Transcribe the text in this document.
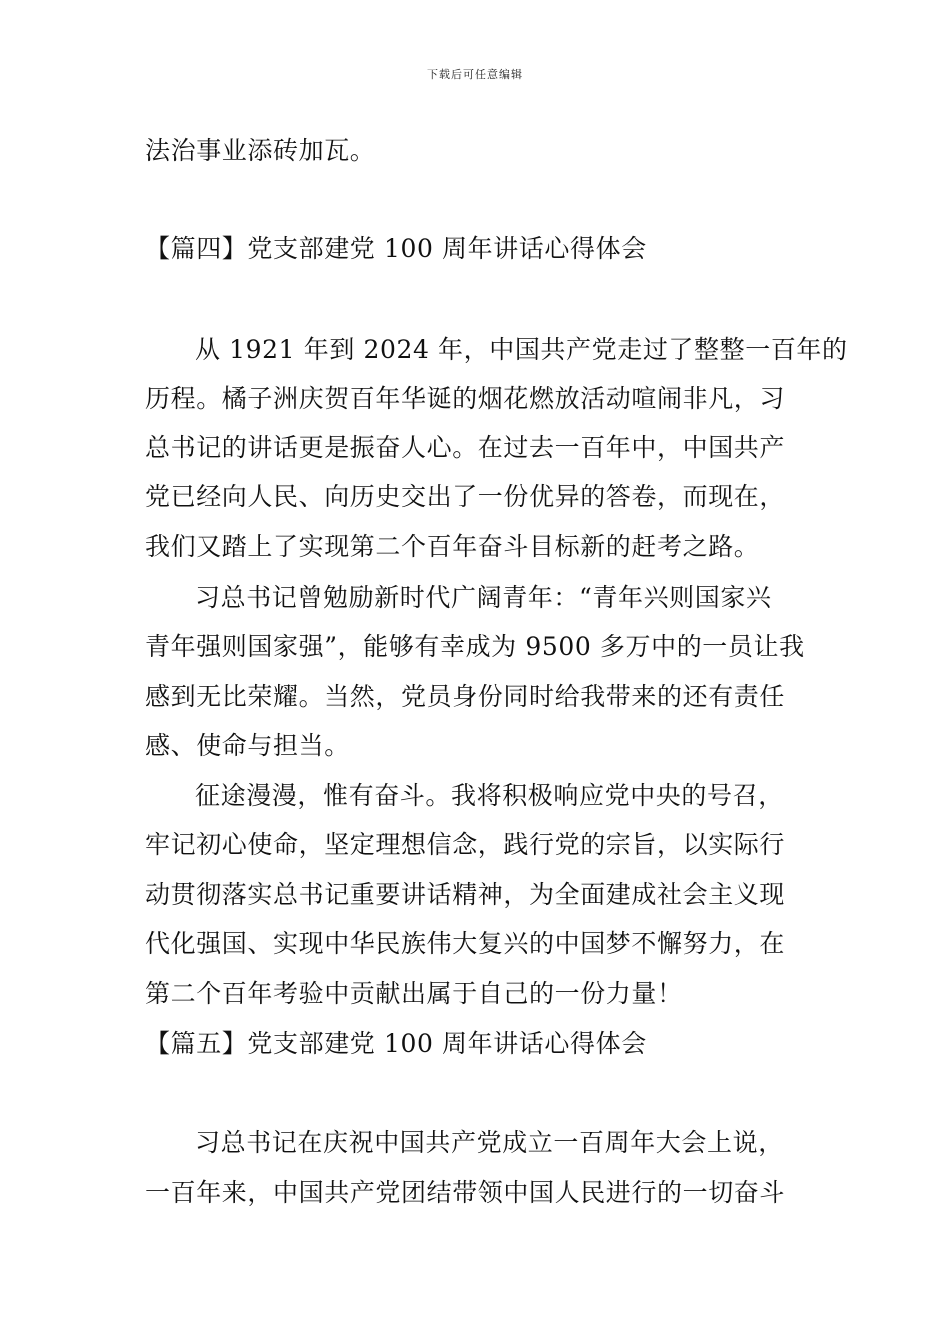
下载后可任意编辑
法治事业添砖加瓦。
【篇四】党支部建党 100 周年讲话心得体会
从 1921 年到 2024 年，中国共产党走过了整整一百年的
历程。橘子洲庆贺百年华诞的烟花燃放活动喧闹非凡，习
总书记的讲话更是振奋人心。在过去一百年中，中国共产
党已经向人民、向历史交出了一份优异的答卷，而现在，
我们又踏上了实现第二个百年奋斗目标新的赶考之路。
习总书记曾勉励新时代广阔青年：“青年兴则国家兴
青年强则国家强”，能够有幸成为 9500 多万中的一员让我
感到无比荣耀。当然，党员身份同时给我带来的还有责任
感、使命与担当。
征途漫漫，惟有奋斗。我将积极响应党中央的号召，
牢记初心使命，坚定理想信念，践行党的宗旨，以实际行
动贯彻落实总书记重要讲话精神，为全面建成社会主义现
代化强国、实现中华民族伟大复兴的中国梦不懈努力，在
第二个百年考验中贡献出属于自己的一份力量！
【篇五】党支部建党 100 周年讲话心得体会
习总书记在庆祝中国共产党成立一百周年大会上说，
一百年来，中国共产党团结带领中国人民进行的一切奋斗
